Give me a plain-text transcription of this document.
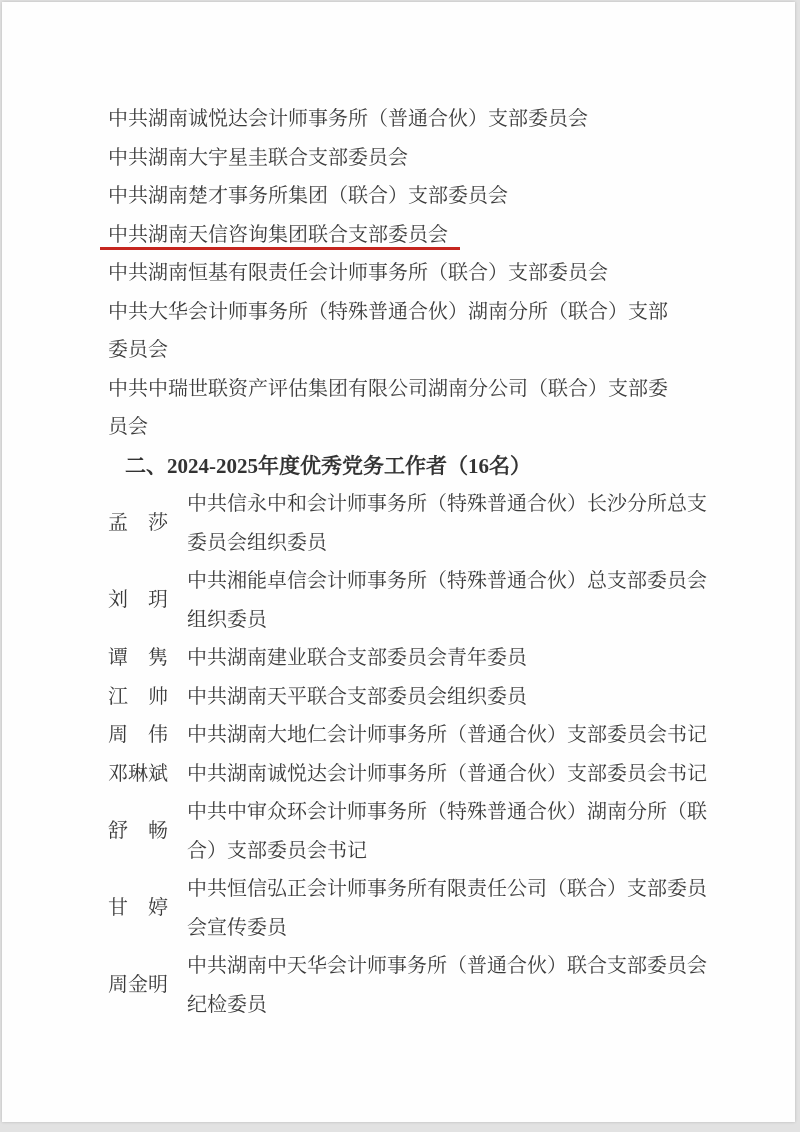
中共湖南诚悦达会计师事务所（普通合伙）支部委员会
中共湖南大宇星圭联合支部委员会
中共湖南楚才事务所集团（联合）支部委员会
中共湖南天信咨询集团联合支部委员会
中共湖南恒基有限责任会计师事务所（联合）支部委员会
中共大华会计师事务所（特殊普通合伙）湖南分所（联合）支部委员会
中共中瑞世联资产评估集团有限公司湖南分公司（联合）支部委员会
二、2024-2025年度优秀党务工作者（16名）
孟　莎
中共信永中和会计师事务所（特殊普通合伙）长沙分所总支委员会组织委员
刘　玥
中共湘能卓信会计师事务所（特殊普通合伙）总支部委员会组织委员
谭　隽 中共湖南建业联合支部委员会青年委员
江　帅 中共湖南天平联合支部委员会组织委员
周　伟 中共湖南大地仁会计师事务所（普通合伙）支部委员会书记
邓琳斌 中共湖南诚悦达会计师事务所（普通合伙）支部委员会书记
舒　畅
中共中审众环会计师事务所（特殊普通合伙）湖南分所（联合）支部委员会书记
甘　婷
中共恒信弘正会计师事务所有限责任公司（联合）支部委员会宣传委员
周金明
中共湖南中天华会计师事务所（普通合伙）联合支部委员会纪检委员
